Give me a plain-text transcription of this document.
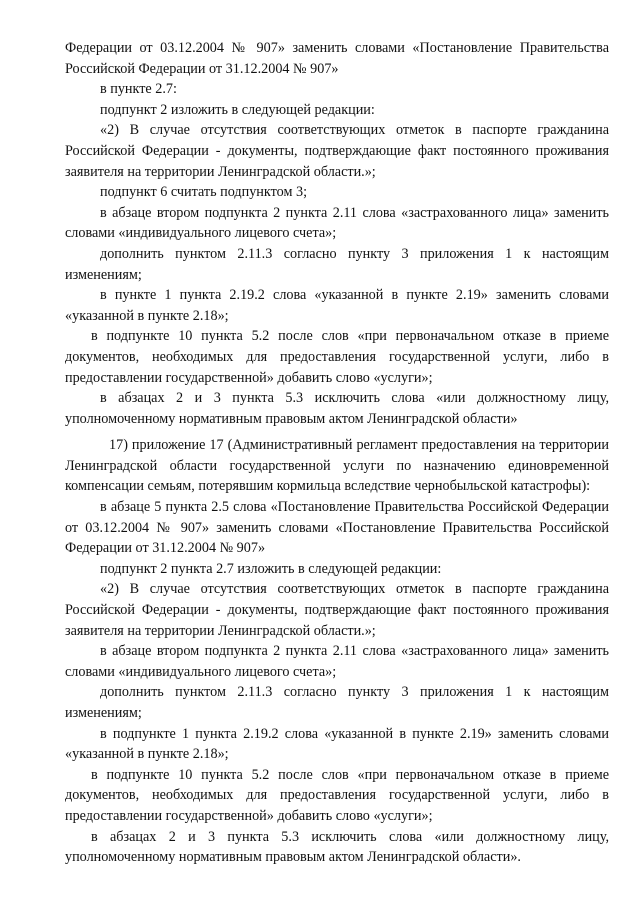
Федерации от 03.12.2004 № 907» заменить словами «Постановление Правительства Российской Федерации от 31.12.2004 № 907»

в пункте 2.7:

подпункт 2 изложить в следующей редакции:

«2) В случае отсутствия соответствующих отметок в паспорте гражданина Российской Федерации - документы, подтверждающие факт постоянного проживания заявителя на территории Ленинградской области.»;

подпункт 6 считать подпунктом 3;

в абзаце втором подпункта 2 пункта 2.11 слова «застрахованного лица» заменить словами «индивидуального лицевого счета»;

дополнить пунктом 2.11.3 согласно пункту 3 приложения 1 к настоящим изменениям;

в пункте 1 пункта 2.19.2 слова «указанной в пункте 2.19» заменить словами «указанной в пункте 2.18»;

в подпункте 10 пункта 5.2 после слов «при первоначальном отказе в приеме документов, необходимых для предоставления государственной услуги, либо в предоставлении государственной» добавить слово «услуги»;

в абзацах 2 и 3 пункта 5.3 исключить слова «или должностному лицу, уполномоченному нормативным правовым актом Ленинградской области»

17) приложение 17 (Административный регламент предоставления на территории Ленинградской области государственной услуги по назначению единовременной компенсации семьям, потерявшим кормильца вследствие чернобыльской катастрофы):

в абзаце 5 пункта 2.5 слова «Постановление Правительства Российской Федерации от 03.12.2004 № 907» заменить словами «Постановление Правительства Российской Федерации от 31.12.2004 № 907»

подпункт 2 пункта 2.7 изложить в следующей редакции:

«2) В случае отсутствия соответствующих отметок в паспорте гражданина Российской Федерации - документы, подтверждающие факт постоянного проживания заявителя на территории Ленинградской области.»;

в абзаце втором подпункта 2 пункта 2.11 слова «застрахованного лица» заменить словами «индивидуального лицевого счета»;

дополнить пунктом 2.11.3 согласно пункту 3 приложения 1 к настоящим изменениям;

в подпункте 1 пункта 2.19.2 слова «указанной в пункте 2.19» заменить словами «указанной в пункте 2.18»;

в подпункте 10 пункта 5.2 после слов «при первоначальном отказе в приеме документов, необходимых для предоставления государственной услуги, либо в предоставлении государственной» добавить слово «услуги»;

в абзацах 2 и 3 пункта 5.3 исключить слова «или должностному лицу, уполномоченному нормативным правовым актом Ленинградской области».
